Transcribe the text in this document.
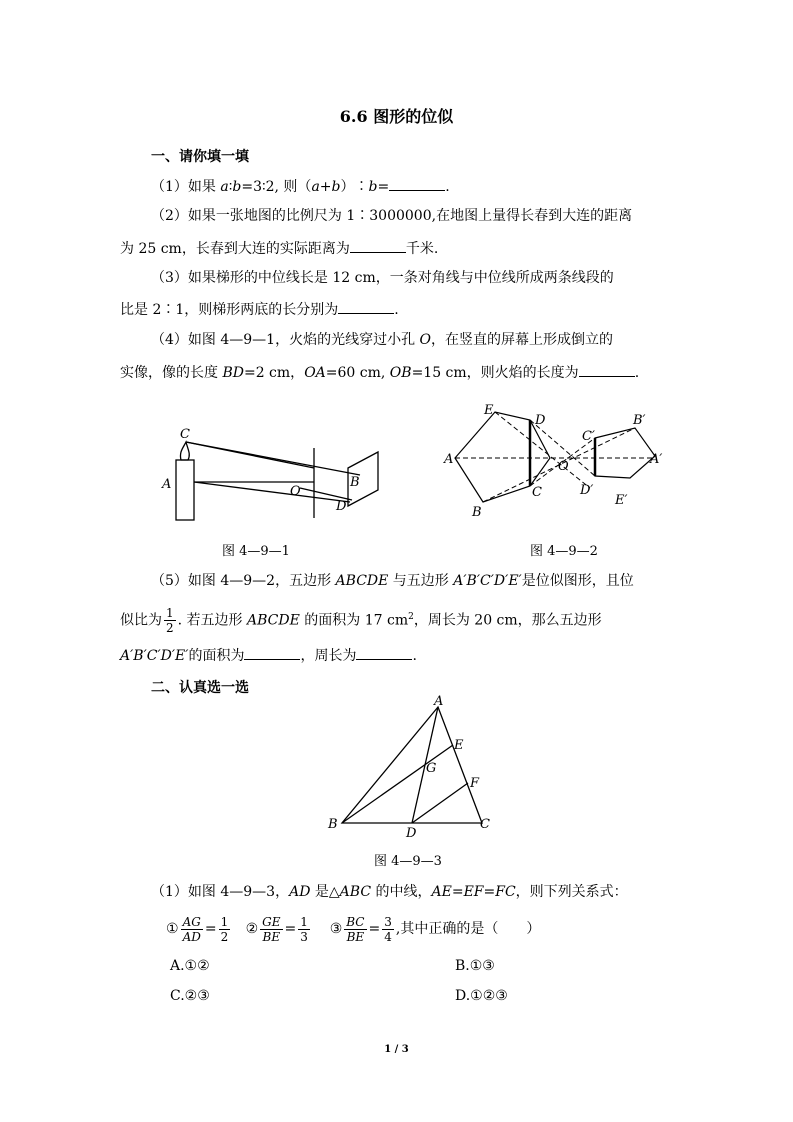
6.6 图形的位似
一、请你填一填
（1）如果 a∶b=3∶2, 则（a+b）∶b=	.
（2）如果一张地图的比例尺为 1∶3000000,在地图上量得长春到大连的距离
为 25 cm，长春到大连的实际距离为	千米.
（3）如果梯形的中位线长是 12 cm，一条对角线与中位线所成两条线段的
比是 2∶1，则梯形两底的长分别为	.
（4）如图 4—9—1，火焰的光线穿过小孔 O，在竖直的屏幕上形成倒立的
实像，像的长度 BD=2 cm，OA=60 cm, OB=15 cm，则火焰的长度为	.
C
A	O
B
D
E
D
A
C
B
O
C′
B′
A′
D′
E′
图 4—9—1	图 4—9—2
（5）如图 4—9—2，五边形 ABCDE 与五边形 A′B′C′D′E′是位似图形，且位
似比为 $\frac{1}{2}$ . 若五边形 ABCDE 的面积为 17 $cm^2$，周长为 20 cm，那么五边形
A′B′C′D′E′的面积为	，周长为	.
二、认真选一选
A
E
G
F
B
D
C
图 4—9—3
（1）如图 4—9—3，AD 是△ABC 的中线，AE=EF=FC，则下列关系式：
① $\frac{AG}{AD} = \frac{1}{2}$ ② $\frac{GE}{BE} = \frac{1}{3}$ ③ $\frac{BC}{BE} = \frac{3}{4}$ ,其中正确的是（　　）
A.①②	B.①③
C.②③	D.①②③
1 / 3
